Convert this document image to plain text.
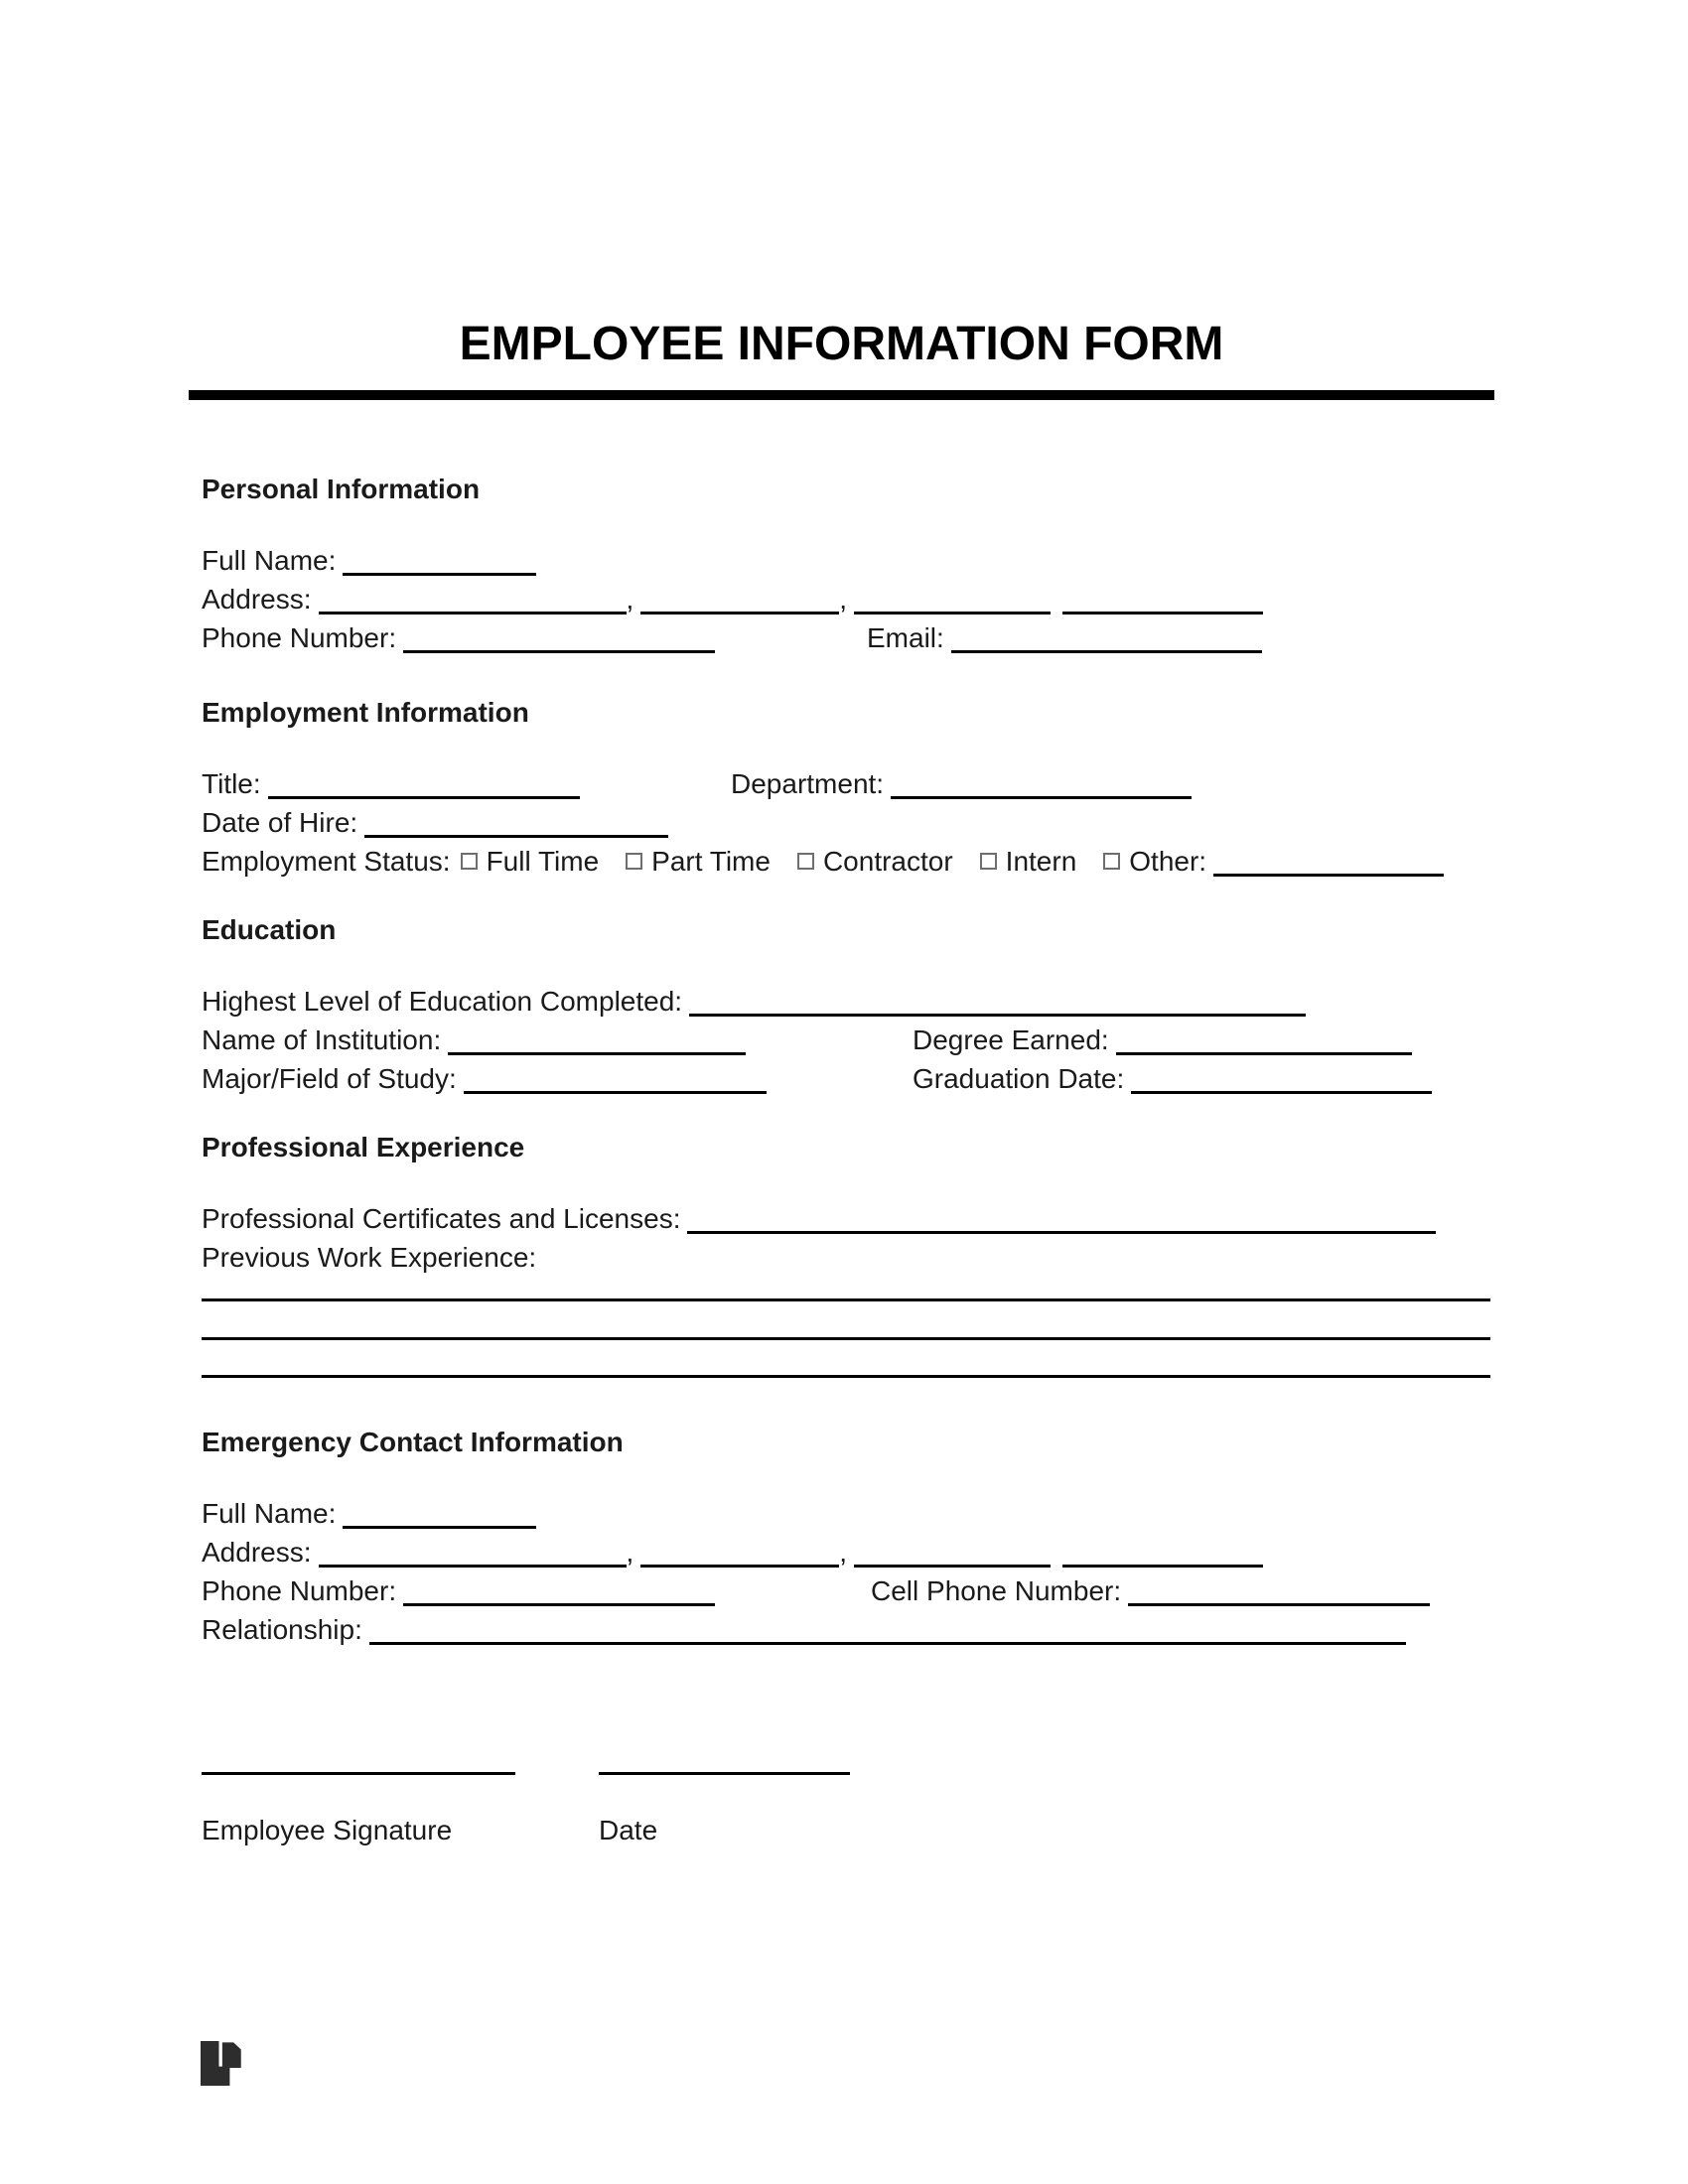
EMPLOYEE INFORMATION FORM
Personal Information
Full Name:
Address:	,	,
Phone Number:	Email:
Employment Information
Title:	Department:
Date of Hire:
Employment Status: Full Time Part Time Contractor Intern Other:
Education
Highest Level of Education Completed:
Name of Institution:	Degree Earned:
Major/Field of Study:	Graduation Date:
Professional Experience
Professional Certificates and Licenses:
Previous Work Experience:
Emergency Contact Information
Full Name:
Address:	,	,
Phone Number:	Cell Phone Number:
Relationship:
Employee Signature	Date
